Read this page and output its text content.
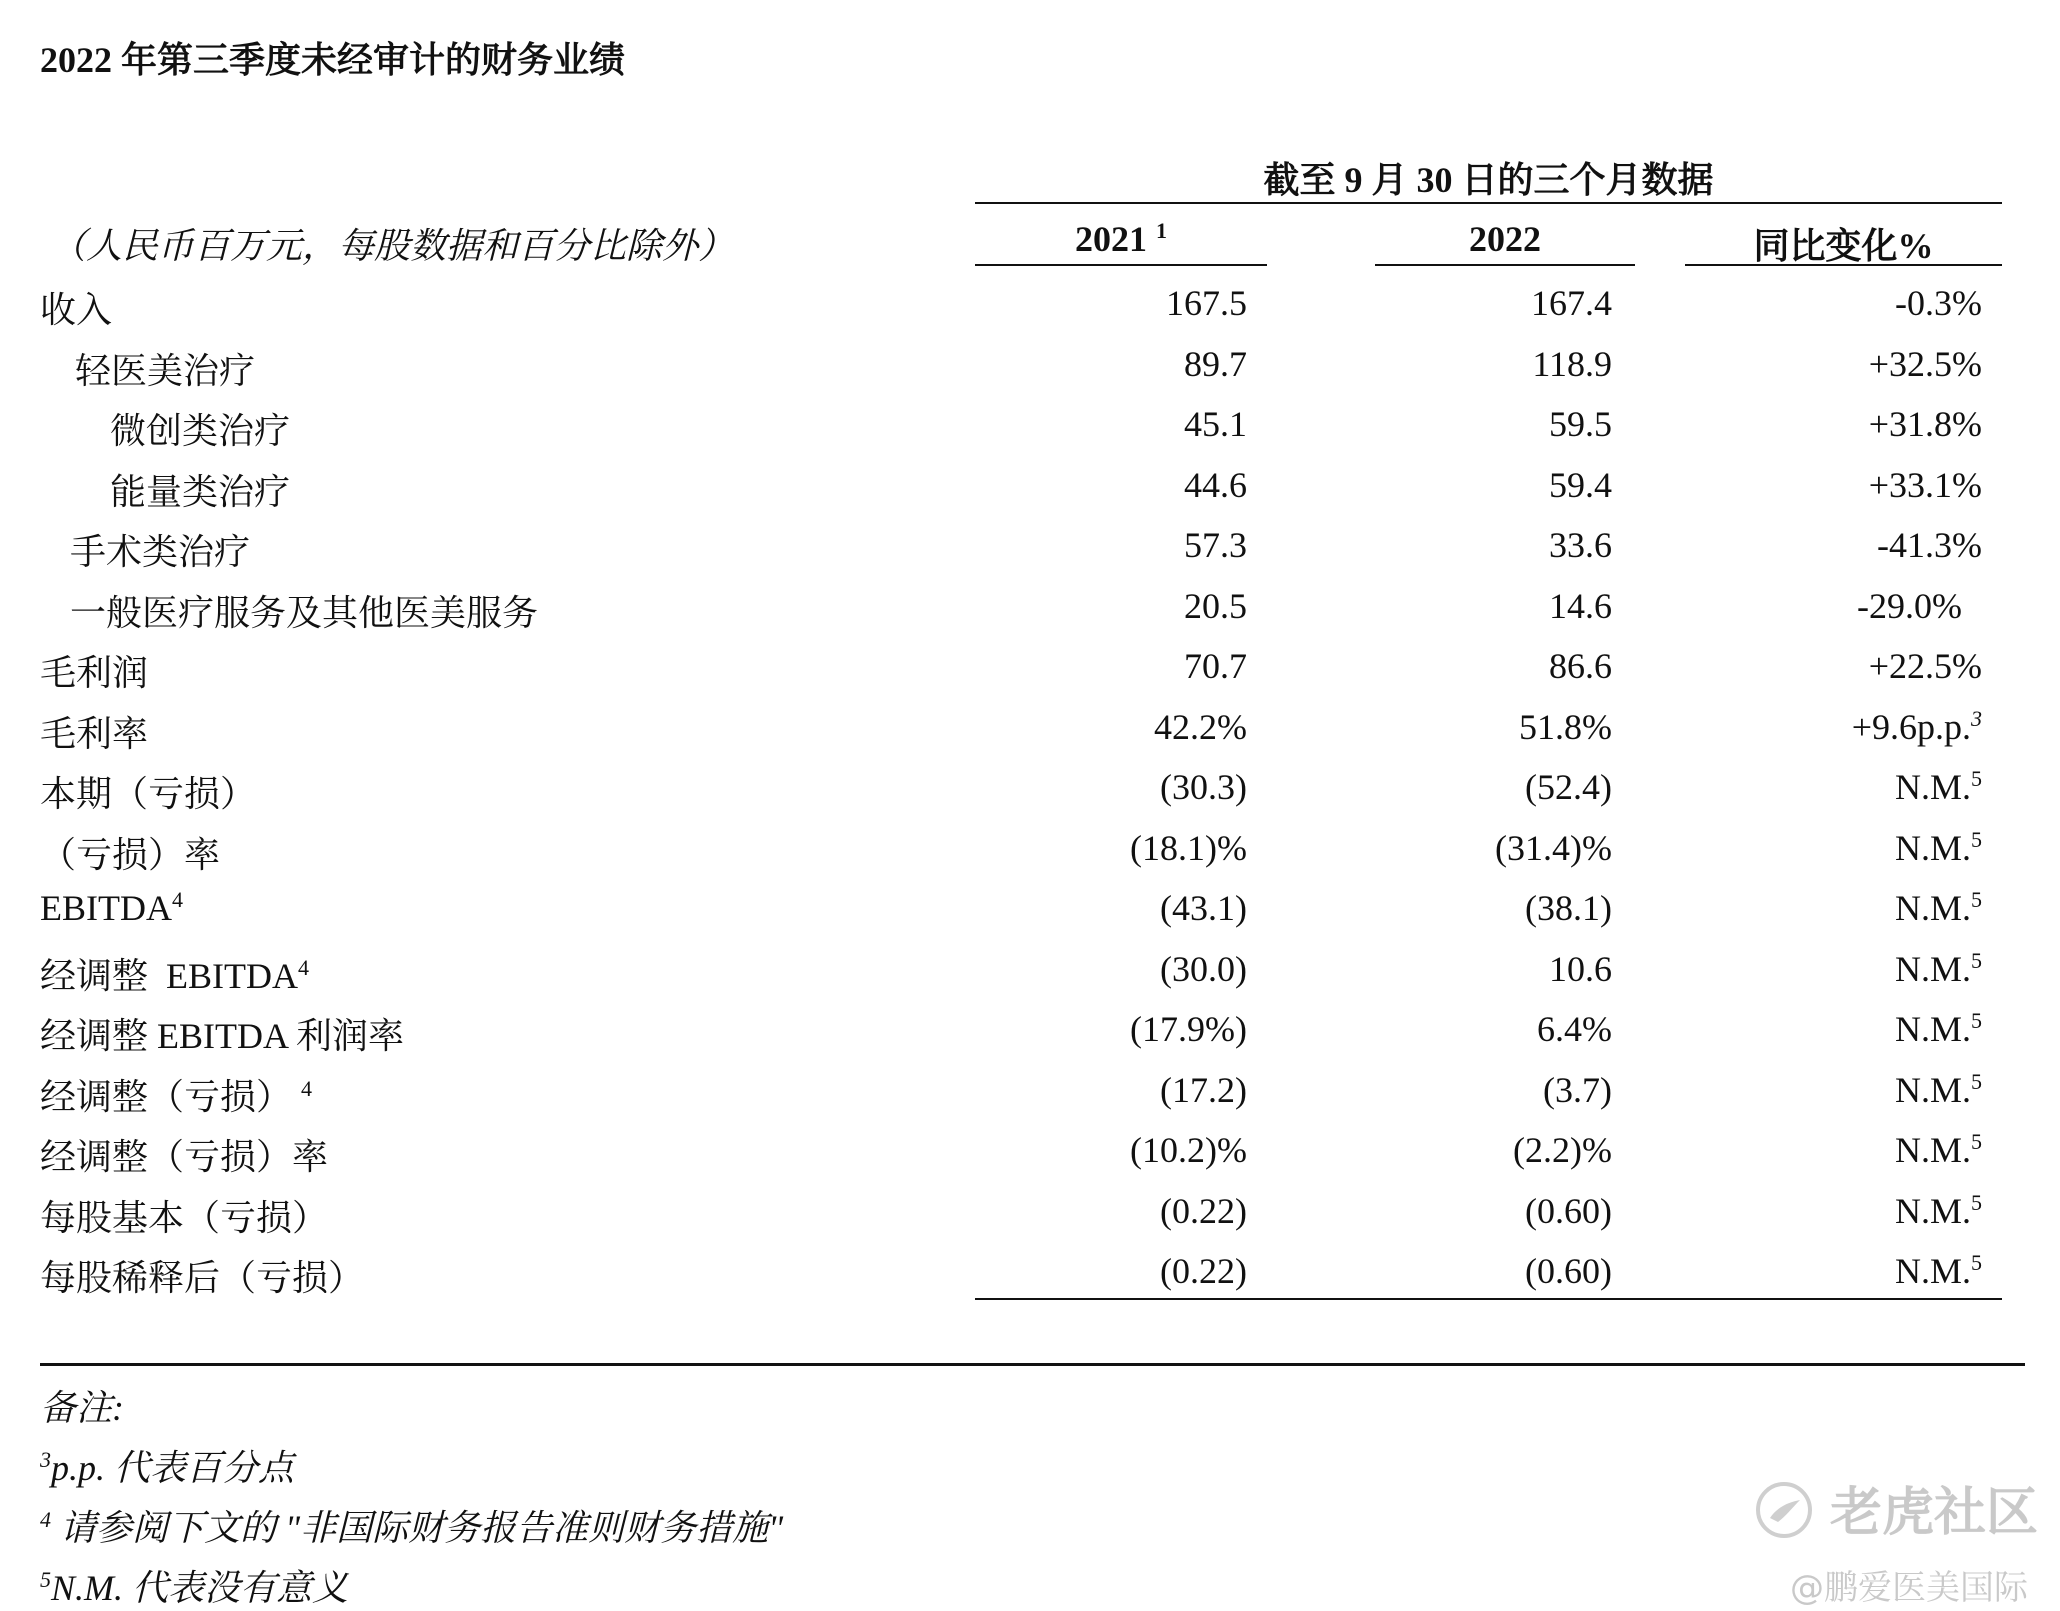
2022 年第三季度未经审计的财务业绩
截至 9 月 30 日的三个月数据
（人民币百万元，每股数据和百分比除外）	2021 $^1$	2022	同比变化%
收入	167.5	167.4	-0.3%
轻医美治疗	89.7	118.9	+32.5%
微创类治疗	45.1	59.5	+31.8%
能量类治疗	44.6	59.4	+33.1%
手术类治疗	57.3	33.6	-41.3%
一般医疗服务及其他医美服务	20.5	14.6	-29.0%
毛利润	70.7	86.6	+22.5%
毛利率	42.2%	51.8%	+9.6p.p.$^3$
本期（亏损）	(30.3)	(52.4)	N.M.$^5$
（亏损）率	(18.1)%	(31.4)%	N.M.$^5$
EBITDA$^4$	(43.1)	(38.1)	N.M.$^5$
经调整  EBITDA$^4$	(30.0)	10.6	N.M.$^5$
经调整 EBITDA 利润率	(17.9%)	6.4%	N.M.$^5$
经调整（亏损） $^4$	(17.2)	(3.7)	N.M.$^5$
经调整（亏损）率	(10.2)%	(2.2)%	N.M.$^5$
每股基本（亏损）	(0.22)	(0.60)	N.M.$^5$
每股稀释后（亏损）	(0.22)	(0.60)	N.M.$^5$
备注:
$^3$p.p. 代表百分点
$^4$ 请参阅下文的 "非国际财务报告准则财务措施"
$^5$N.M. 代表没有意义
老虎社区
@鹏爱医美国际
